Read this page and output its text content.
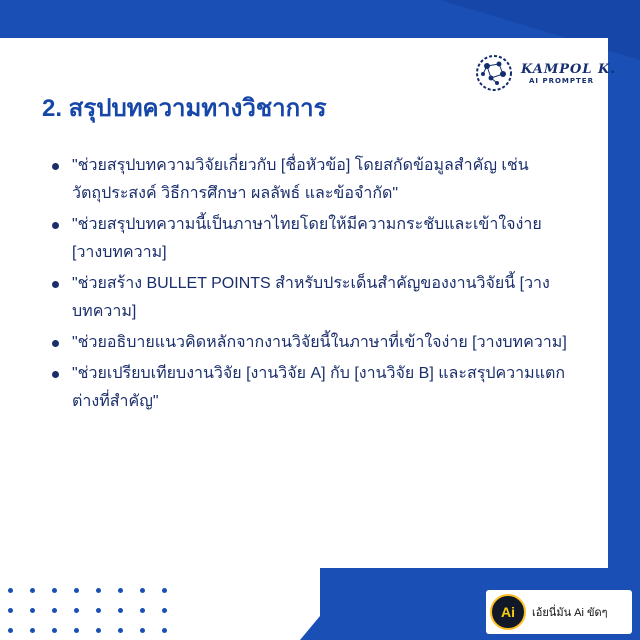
KAMPOL K.
AI PROMPTER
2. สรุปบทความทางวิชาการ
"ช่วยสรุปบทความวิจัยเกี่ยวกับ [ชื่อหัวข้อ] โดยสกัดข้อมูลสำคัญ เช่น วัตถุประสงค์ วิธีการศึกษา ผลลัพธ์ และข้อจำกัด"
"ช่วยสรุปบทความนี้เป็นภาษาไทยโดยให้มีความกระชับและเข้าใจง่าย [วางบทความ]
"ช่วยสร้าง BULLET POINTS สำหรับประเด็นสำคัญของงานวิจัยนี้ [วางบทความ]
"ช่วยอธิบายแนวคิดหลักจากงานวิจัยนี้ในภาษาที่เข้าใจง่าย [วางบทความ]
"ช่วยเปรียบเทียบงานวิจัย [งานวิจัย A] กับ [งานวิจัย B] และสรุปความแตกต่างที่สำคัญ"
Ai เอ้ยนี่มัน Ai ขัดๆ
